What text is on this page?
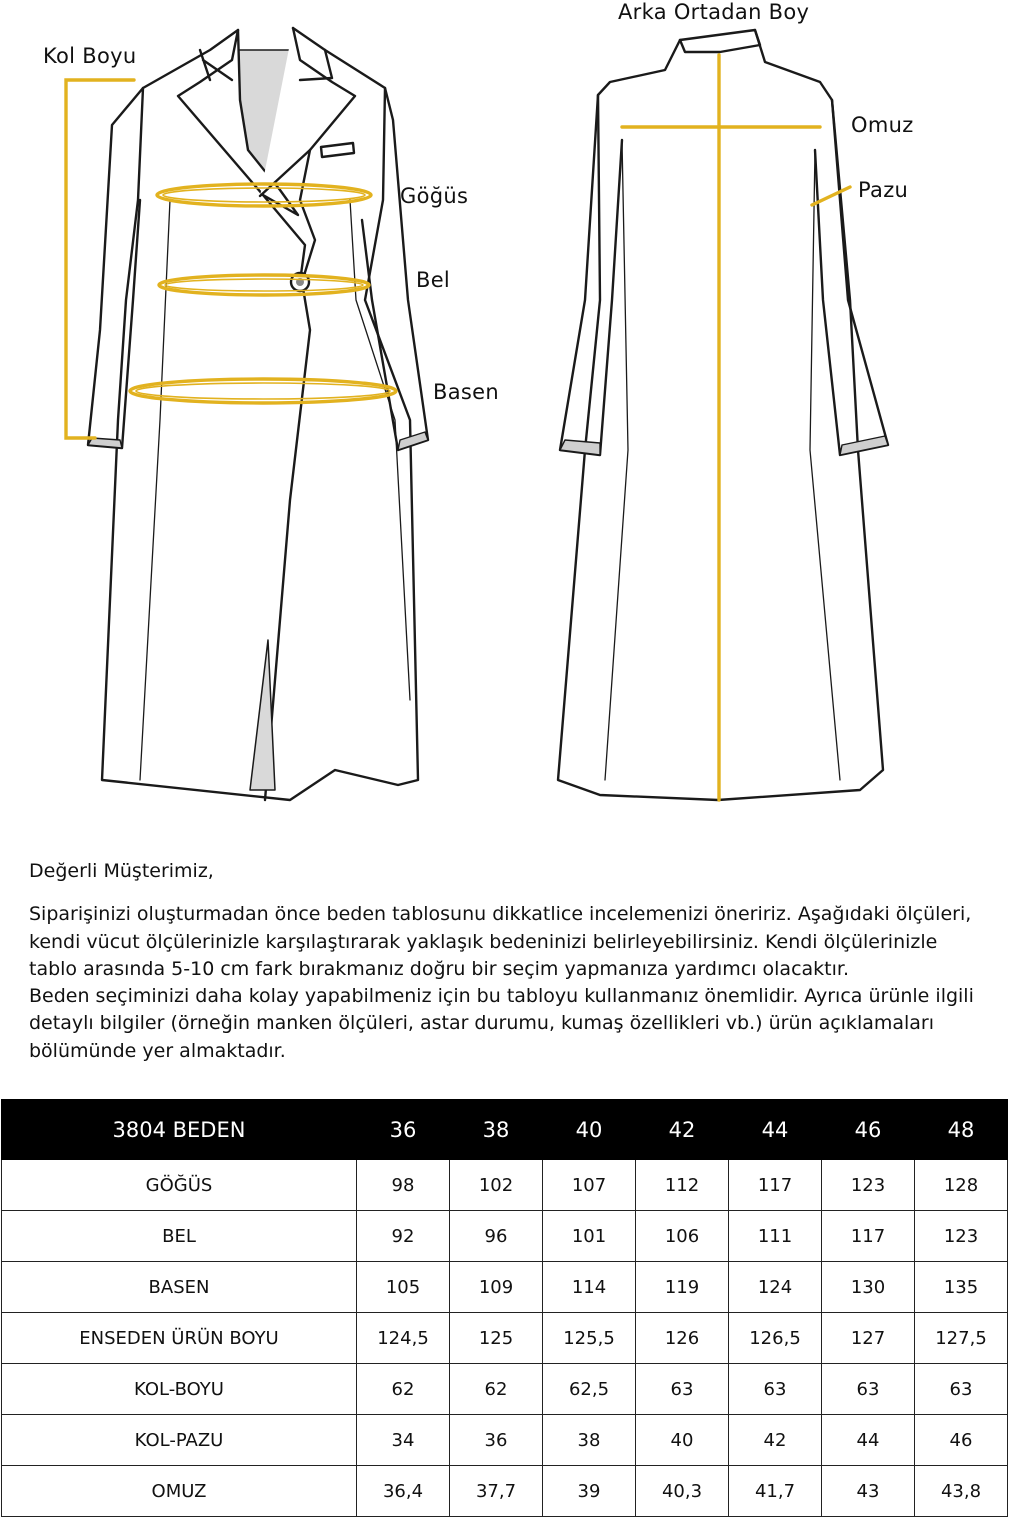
Kol Boyu
Göğüs
Bel
Basen
Arka Ortadan Boy
Omuz
Pazu

Değerli Müşterimiz,

Siparişinizi oluşturmadan önce beden tablosunu dikkatlice incelemenizi öneririz. Aşağıdaki ölçüleri, kendi vücut ölçülerinizle karşılaştırarak yaklaşık bedeninizi belirleyebilirsiniz. Kendi ölçülerinizle tablo arasında 5-10 cm fark bırakmanız doğru bir seçim yapmanıza yardımcı olacaktır.

Beden seçiminizi daha kolay yapabilmeniz için bu tabloyu kullanmanız önemlidir. Ayrıca ürünle ilgili detaylı bilgiler (örneğin manken ölçüleri, astar durumu, kumaş özellikleri vb.) ürün açıklamaları bölümünde yer almaktadır.

3804 BEDEN	36	38	40	42	44	46	48
GÖĞÜS	98	102	107	112	117	123	128
BEL	92	96	101	106	111	117	123
BASEN	105	109	114	119	124	130	135
ENSEDEN ÜRÜN BOYU	124,5	125	125,5	126	126,5	127	127,5
KOL-BOYU	62	62	62,5	63	63	63	63
KOL-PAZU	34	36	38	40	42	44	46
OMUZ	36,4	37,7	39	40,3	41,7	43	43,8
